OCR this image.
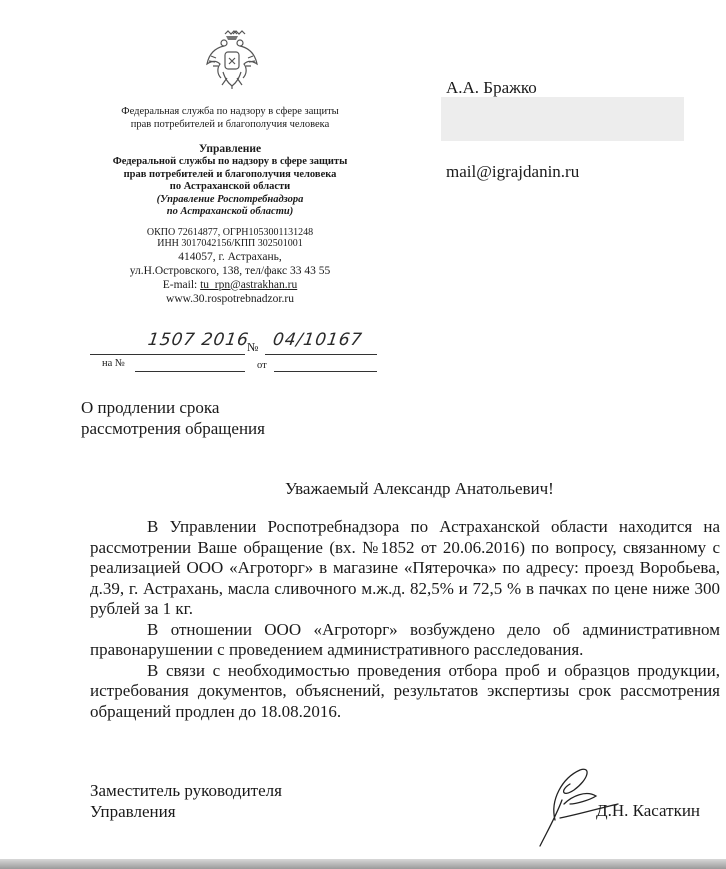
Федеральная служба по надзору в сфере защиты
прав потребителей и благополучия человека
Управление
Федеральной службы по надзору в сфере защиты
прав потребителей и благополучия человека
по Астраханской области
(Управление Роспотребнадзора
по Астраханской области)
ОКПО 72614877, ОГРН1053001131248
ИНН 3017042156/КПП 302501001
414057, г. Астрахань,
ул.Н.Островского, 138, тел/факс 33 43 55
E-mail: tu_rpn@astrakhan.ru
www.30.rospotrebnadzor.ru
1507 2016
№ 04/10167
на №	от
А.А. Бражко
mail@igrajdanin.ru
О продлении срока
рассмотрения обращения
Уважаемый Александр Анатольевич!

В Управлении Роспотребнадзора по Астраханской области находится на рассмотрении Ваше обращение (вх. №1852 от 20.06.2016) по вопросу, связанному с реализацией ООО «Агроторг» в магазине «Пятерочка» по адресу: проезд Воробьева, д.39, г. Астрахань, масла сливочного м.ж.д. 82,5% и 72,5 % в пачках по цене ниже 300 рублей за 1 кг.

В отношении ООО «Агроторг» возбуждено дело об административном правонарушении с проведением административного расследования.

В связи с необходимостью проведения отбора проб и образцов продукции, истребования документов, объяснений, результатов экспертизы срок рассмотрения обращений продлен до 18.08.2016.

Заместитель руководителя
Управления	Д.Н. Касаткин
